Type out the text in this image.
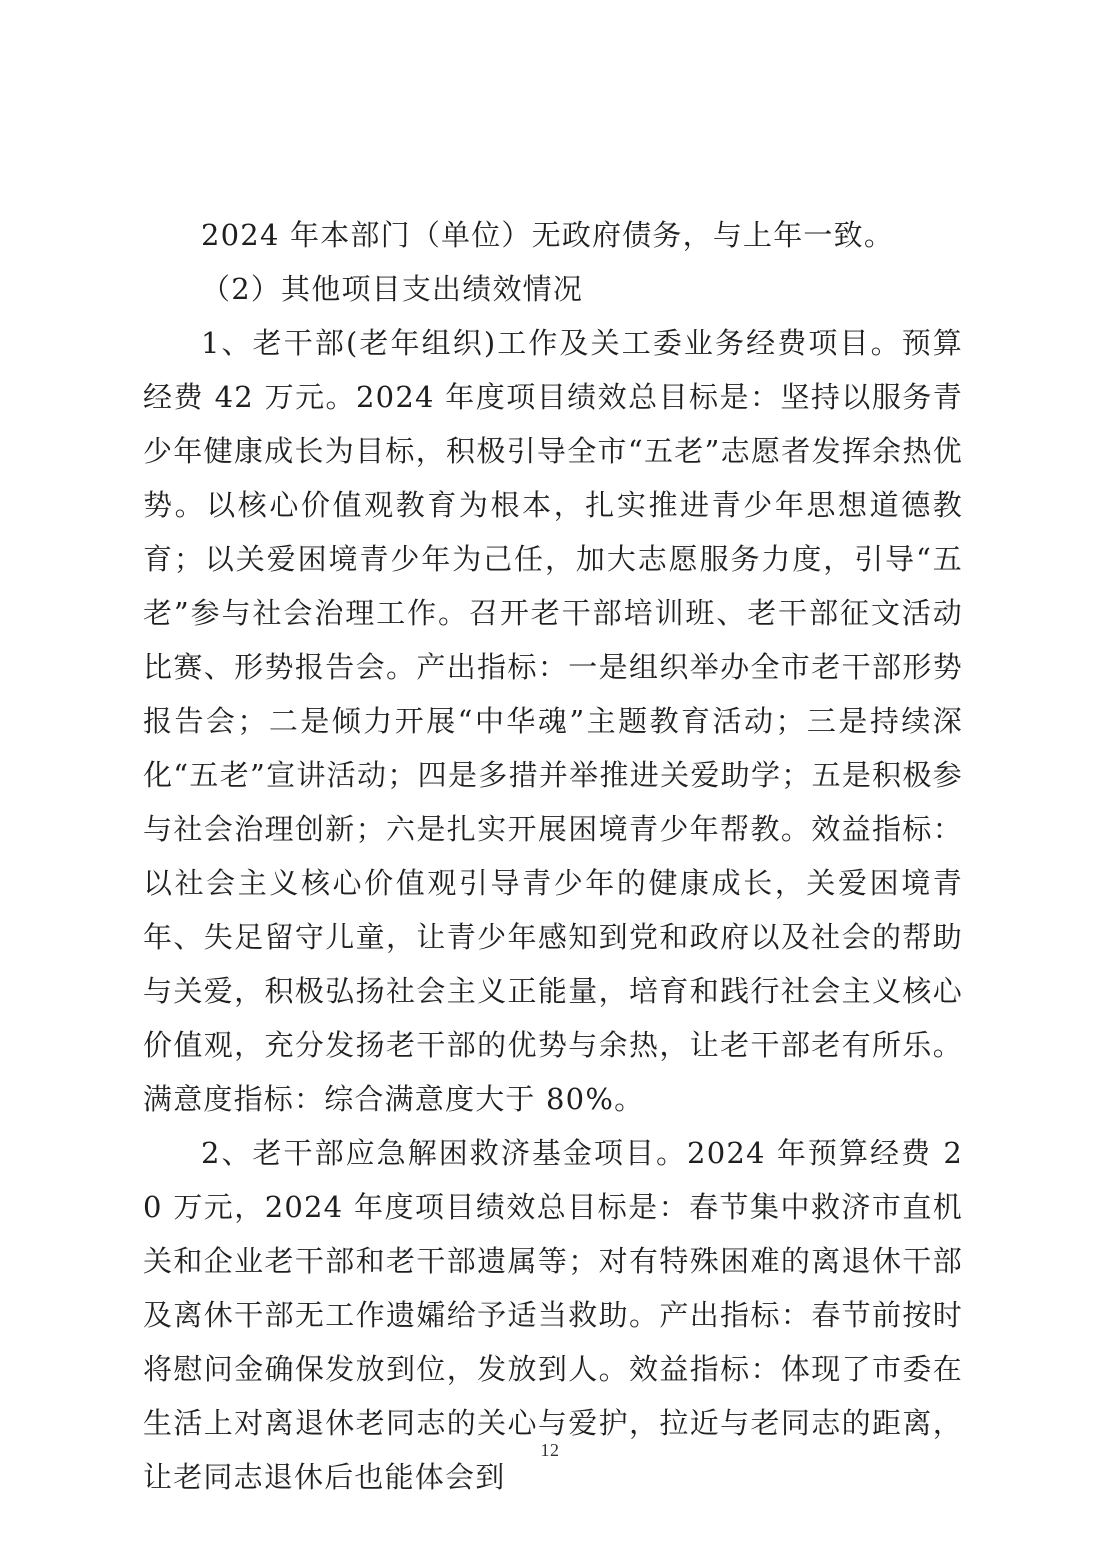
2024 年本部门（单位）无政府债务，与上年一致。

（2）其他项目支出绩效情况

1、老干部(老年组织)工作及关工委业务经费项目。预算经费 42 万元。2024 年度项目绩效总目标是：坚持以服务青少年健康成长为目标，积极引导全市“五老”志愿者发挥余热优势。以核心价值观教育为根本，扎实推进青少年思想道德教育；以关爱困境青少年为己任，加大志愿服务力度，引导“五老”参与社会治理工作。召开老干部培训班、老干部征文活动比赛、形势报告会。产出指标：一是组织举办全市老干部形势报告会；二是倾力开展“中华魂”主题教育活动；三是持续深化“五老”宣讲活动；四是多措并举推进关爱助学；五是积极参与社会治理创新；六是扎实开展困境青少年帮教。效益指标：以社会主义核心价值观引导青少年的健康成长，关爱困境青年、失足留守儿童，让青少年感知到党和政府以及社会的帮助与关爱，积极弘扬社会主义正能量，培育和践行社会主义核心价值观，充分发扬老干部的优势与余热，让老干部老有所乐。满意度指标：综合满意度大于 80%。

2、老干部应急解困救济基金项目。2024 年预算经费 20 万元，2024 年度项目绩效总目标是：春节集中救济市直机关和企业老干部和老干部遗属等；对有特殊困难的离退休干部及离休干部无工作遗孀给予适当救助。产出指标：春节前按时将慰问金确保发放到位，发放到人。效益指标：体现了市委在生活上对离退休老同志的关心与爱护，拉近与老同志的距离，让老同志退休后也能体会到

12
